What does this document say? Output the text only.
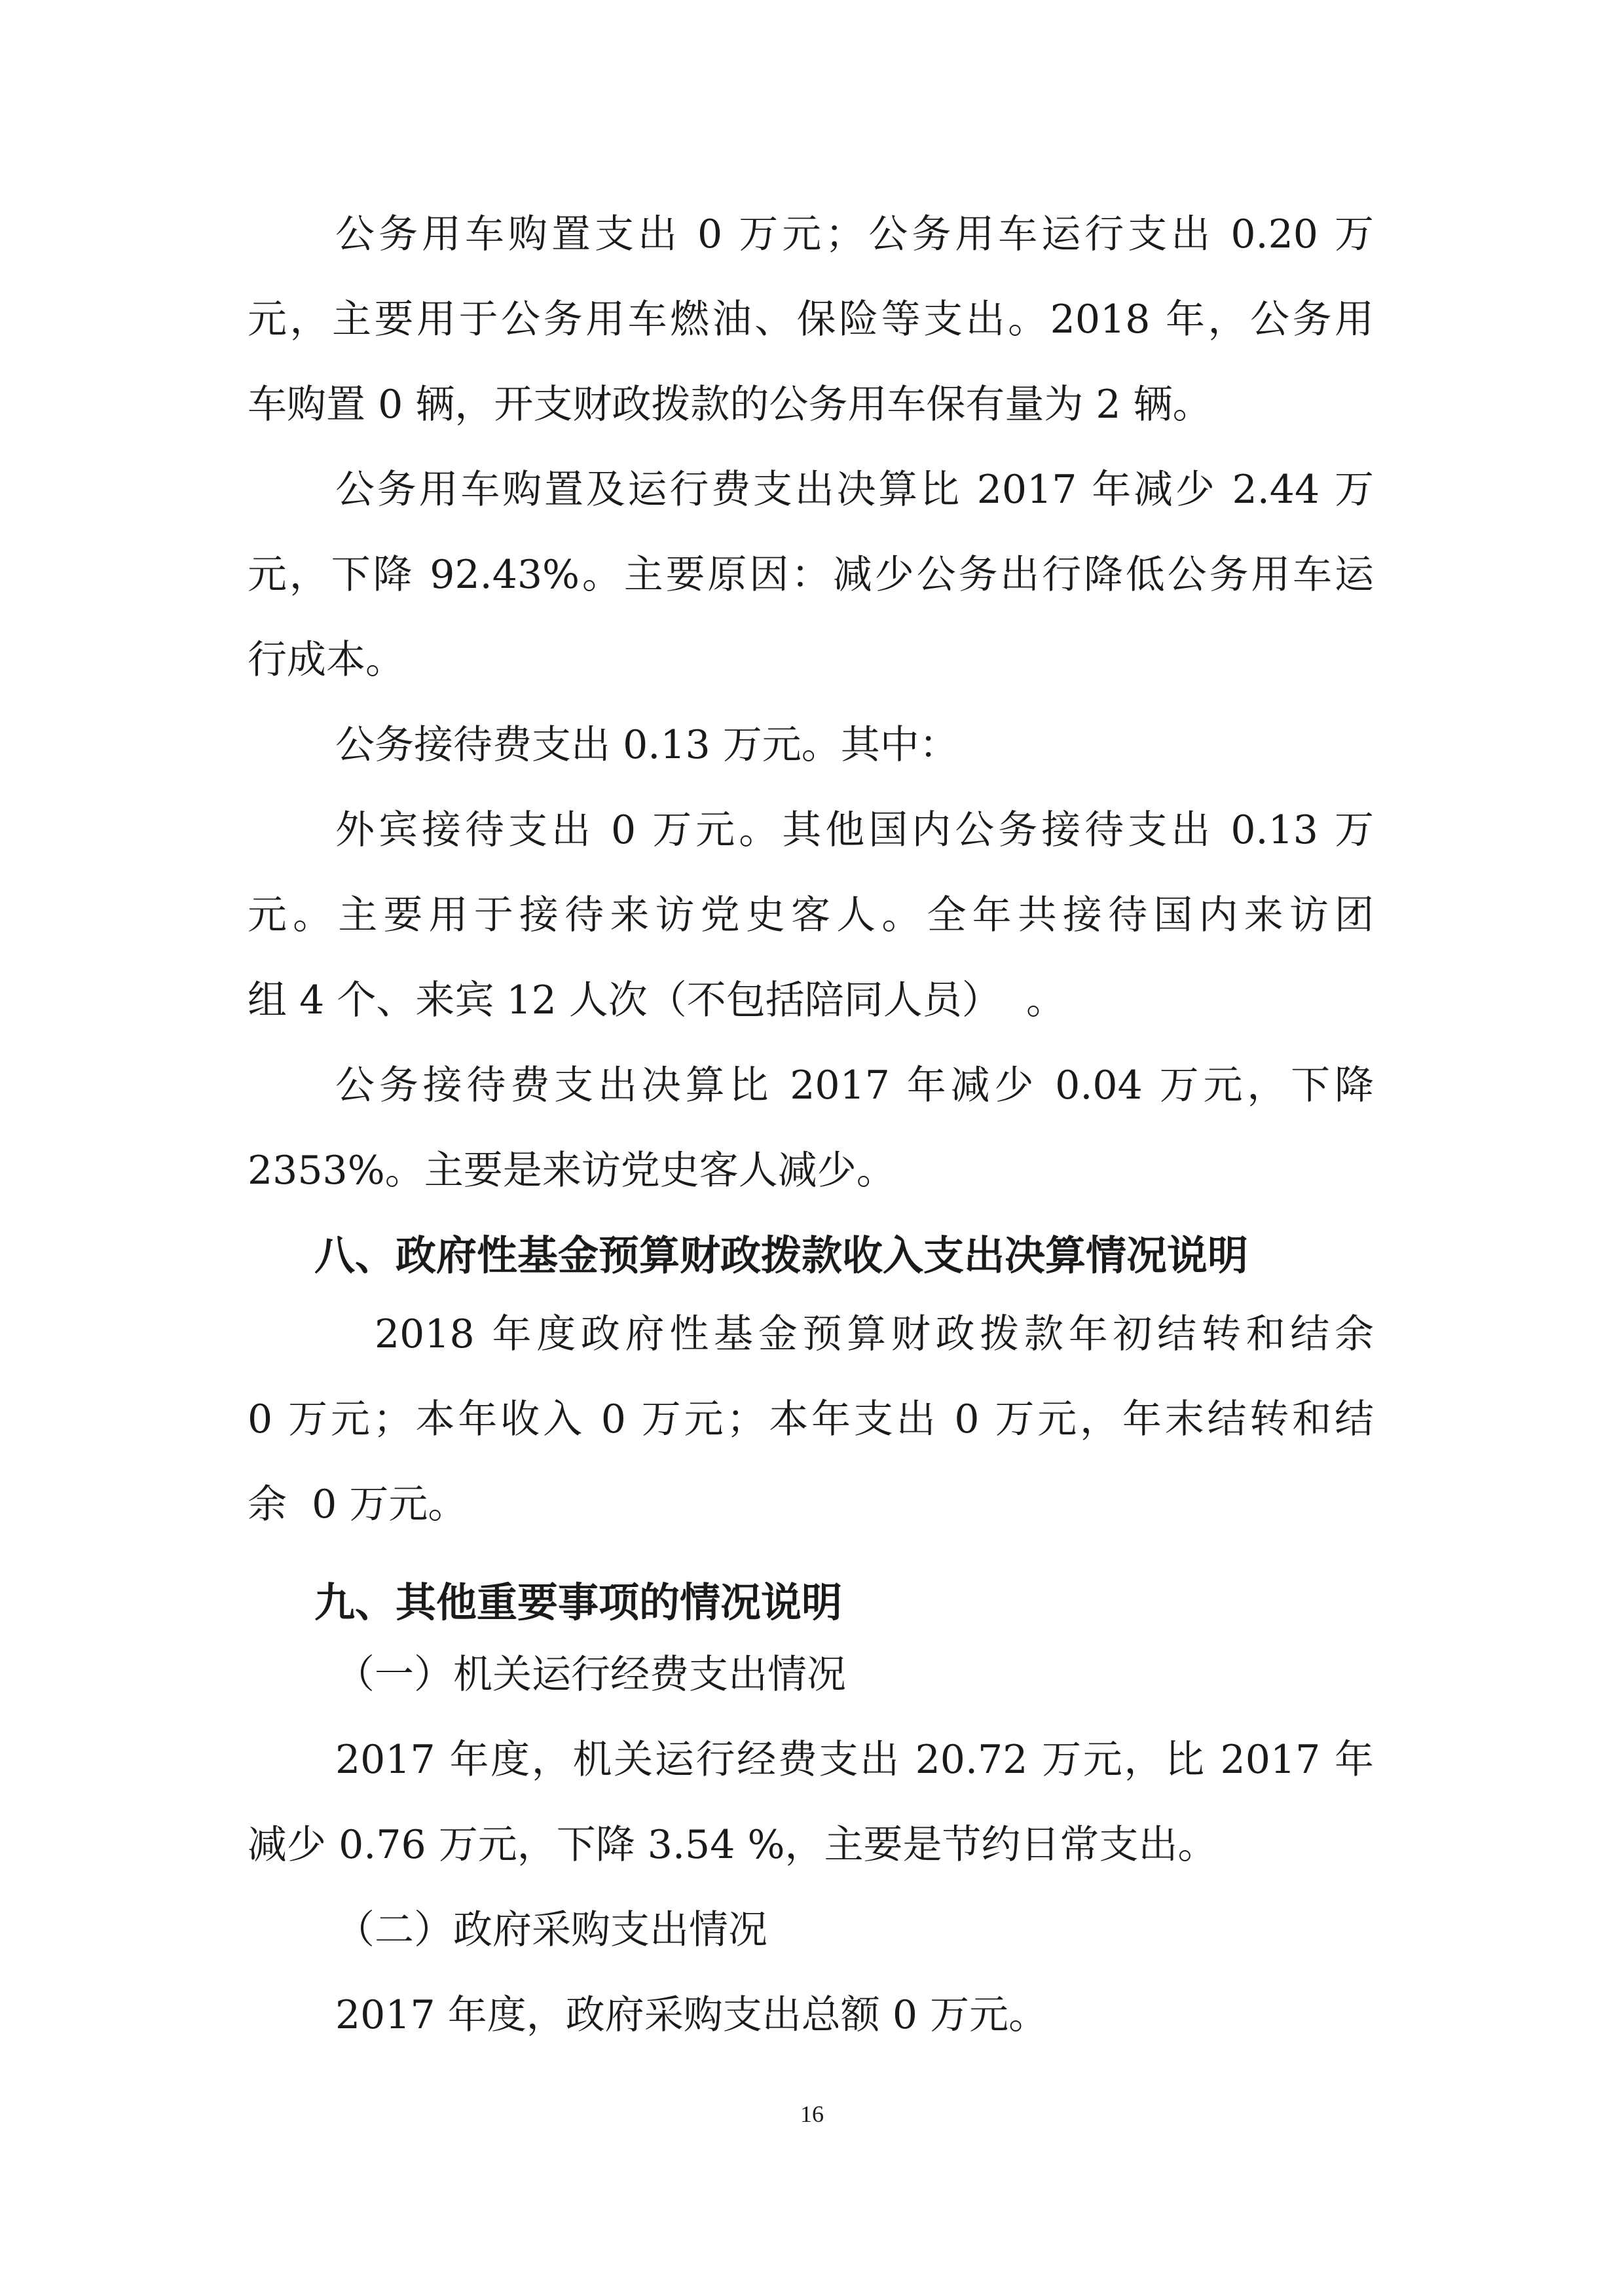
公务用车购置支出 0 万元；公务用车运行支出 0.20 万
元，主要用于公务用车燃油、保险等支出。2018 年，公务用
车购置 0 辆，开支财政拨款的公务用车保有量为 2 辆。
公务用车购置及运行费支出决算比 2017 年减少 2.44 万
元，下降 92.43%。主要原因：减少公务出行降低公务用车运
行成本。
公务接待费支出 0.13 万元。其中：
外宾接待支出 0 万元。其他国内公务接待支出 0.13 万
元。主要用于接待来访党史客人。全年共接待国内来访团
组 4 个、来宾 12 人次（不包括陪同人员）  。
公务接待费支出决算比 2017 年减少 0.04 万元，下降
2353%。主要是来访党史客人减少。
八、政府性基金预算财政拨款收入支出决算情况说明
2018 年度政府性基金预算财政拨款年初结转和结余
0 万元；本年收入 0 万元；本年支出 0 万元，年末结转和结
余  0 万元。
九、其他重要事项的情况说明
（一）机关运行经费支出情况
2017 年度，机关运行经费支出 20.72 万元，比 2017 年
减少 0.76 万元，下降 3.54 %，主要是节约日常支出。
（二）政府采购支出情况
2017 年度，政府采购支出总额 0 万元。
16
